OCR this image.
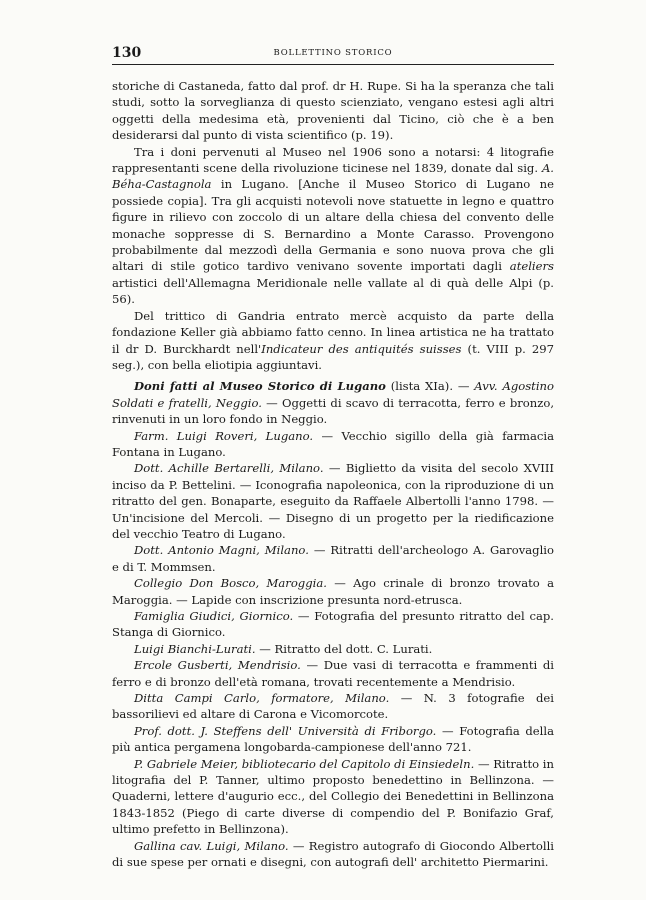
130	BOLLETTINO STORICO

storiche di Castaneda, fatto dal prof. dr H. Rupe. Si ha la speranza che tali studi, sotto la sorveglianza di questo scienziato, vengano estesi agli altri oggetti della medesima età, provenienti dal Ticino, ciò che è a ben desiderarsi dal punto di vista scientifico (p. 19).

Tra i doni pervenuti al Museo nel 1906 sono a notarsi: 4 litografie rappresentanti scene della rivoluzione ticinese nel 1839, donate dal sig. A. Béha-Castagnola in Lugano. [Anche il Museo Storico di Lugano ne possiede copia]. Tra gli acquisti notevoli nove statuette in legno e quattro figure in rilievo con zoccolo di un altare della chiesa del convento delle monache soppresse di S. Bernardino a Monte Carasso. Provengono probabilmente dal mezzodì della Germania e sono nuova prova che gli altari di stile gotico tardivo venivano sovente importati dagli ateliers artistici dell'Allemagna Meridionale nelle vallate al di quà delle Alpi (p. 56).

Del trittico di Gandria entrato mercè acquisto da parte della fondazione Keller già abbiamo fatto cenno. In linea artistica ne ha trattato il dr D. Burckhardt nell'Indicateur des antiquités suisses (t. VIII p. 297 seg.), con bella eliotipia aggiuntavi.

Doni fatti al Museo Storico di Lugano (lista XIa). — Avv. Agostino Soldati e fratelli, Neggio. — Oggetti di scavo di terracotta, ferro e bronzo, rinvenuti in un loro fondo in Neggio.

Farm. Luigi Roveri, Lugano. — Vecchio sigillo della già farmacia Fontana in Lugano.

Dott. Achille Bertarelli, Milano. — Biglietto da visita del secolo XVIII inciso da P. Bettelini. — Iconografia napoleonica, con la riproduzione di un ritratto del gen. Bonaparte, eseguito da Raffaele Albertolli l'anno 1798. — Un'incisione del Mercoli. — Disegno di un progetto per la riedificazione del vecchio Teatro di Lugano.

Dott. Antonio Magni, Milano. — Ritratti dell'archeologo A. Garovaglio e di T. Mommsen.

Collegio Don Bosco, Maroggia. — Ago crinale di bronzo trovato a Maroggia. — Lapide con inscrizione presunta nord-etrusca.

Famiglia Giudici, Giornico. — Fotografia del presunto ritratto del cap. Stanga di Giornico.

Luigi Bianchi-Lurati. — Ritratto del dott. C. Lurati.

Ercole Gusberti, Mendrisio. — Due vasi di terracotta e frammenti di ferro e di bronzo dell'età romana, trovati recentemente a Mendrisio.

Ditta Campi Carlo, formatore, Milano. — N. 3 fotografie dei bassorilievi ed altare di Carona e Vicomorcote.

Prof. dott. J. Steffens dell' Università di Friborgo. — Fotografia della più antica pergamena longobarda-campionese dell'anno 721.

P. Gabriele Meier, bibliotecario del Capitolo di Einsiedeln. — Ritratto in litografia del P. Tanner, ultimo proposto benedettino in Bellinzona. — Quaderni, lettere d'augurio ecc., del Collegio dei Benedettini in Bellinzona 1843-1852 (Piego di carte diverse di compendio del P. Bonifazio Graf, ultimo prefetto in Bellinzona).

Gallina cav. Luigi, Milano. — Registro autografo di Giocondo Albertolli di sue spese per ornati e disegni, con autografi dell' architetto Piermarini.
